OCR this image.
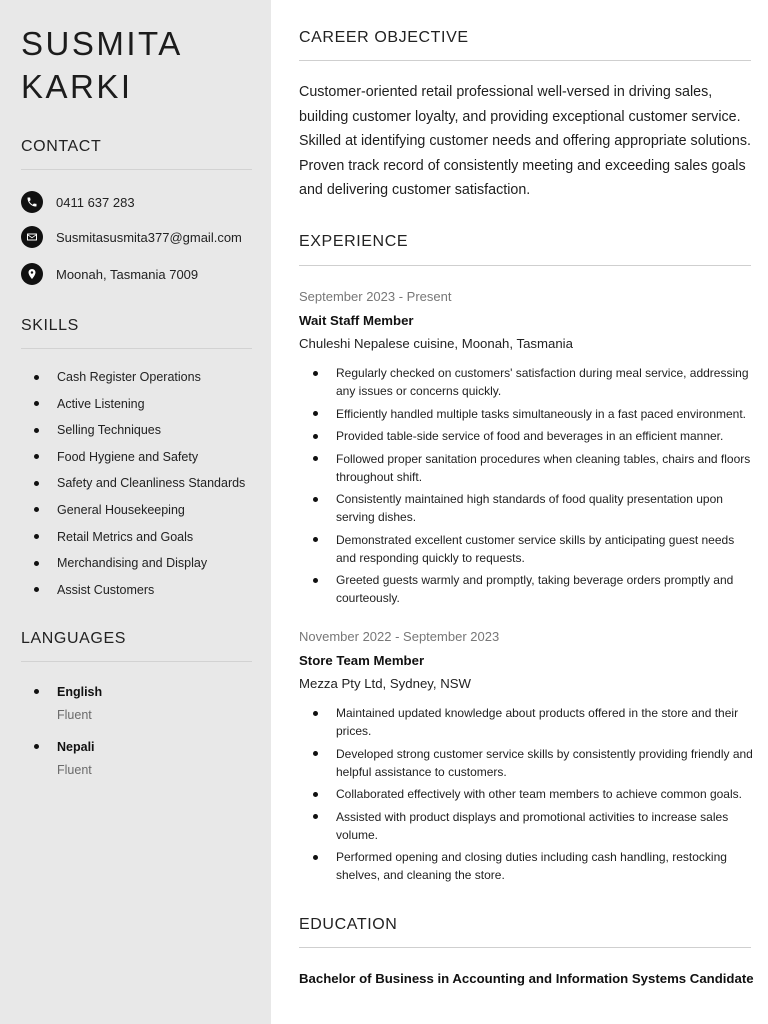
SUSMITA
KARKI
CONTACT
0411 637 283
Susmitasusmita377@gmail.com
Moonah, Tasmania 7009
SKILLS
Cash Register Operations
Active Listening
Selling Techniques
Food Hygiene and Safety
Safety and Cleanliness Standards
General Housekeeping
Retail Metrics and Goals
Merchandising and Display
Assist Customers
LANGUAGES
English
Fluent
Nepali
Fluent
CAREER OBJECTIVE

Customer-oriented retail professional well-versed in driving sales, building customer loyalty, and providing exceptional customer service. Skilled at identifying customer needs and offering appropriate solutions. Proven track record of consistently meeting and exceeding sales goals and delivering customer satisfaction.

EXPERIENCE
September 2023 - Present
Wait Staff Member
Chuleshi Nepalese cuisine, Moonah, Tasmania
Regularly checked on customers' satisfaction during meal service, addressing any issues or concerns quickly.
Efficiently handled multiple tasks simultaneously in a fast paced environment.
Provided table-side service of food and beverages in an efficient manner.
Followed proper sanitation procedures when cleaning tables, chairs and floors throughout shift.
Consistently maintained high standards of food quality presentation upon serving dishes.
Demonstrated excellent customer service skills by anticipating guest needs and responding quickly to requests.
Greeted guests warmly and promptly, taking beverage orders promptly and courteously.
November 2022 - September 2023
Store Team Member
Mezza Pty Ltd, Sydney, NSW
Maintained updated knowledge about products offered in the store and their prices.
Developed strong customer service skills by consistently providing friendly and helpful assistance to customers.
Collaborated effectively with other team members to achieve common goals.
Assisted with product displays and promotional activities to increase sales volume.
Performed opening and closing duties including cash handling, restocking shelves, and cleaning the store.
EDUCATION

Bachelor of Business in Accounting and Information Systems Candidate
